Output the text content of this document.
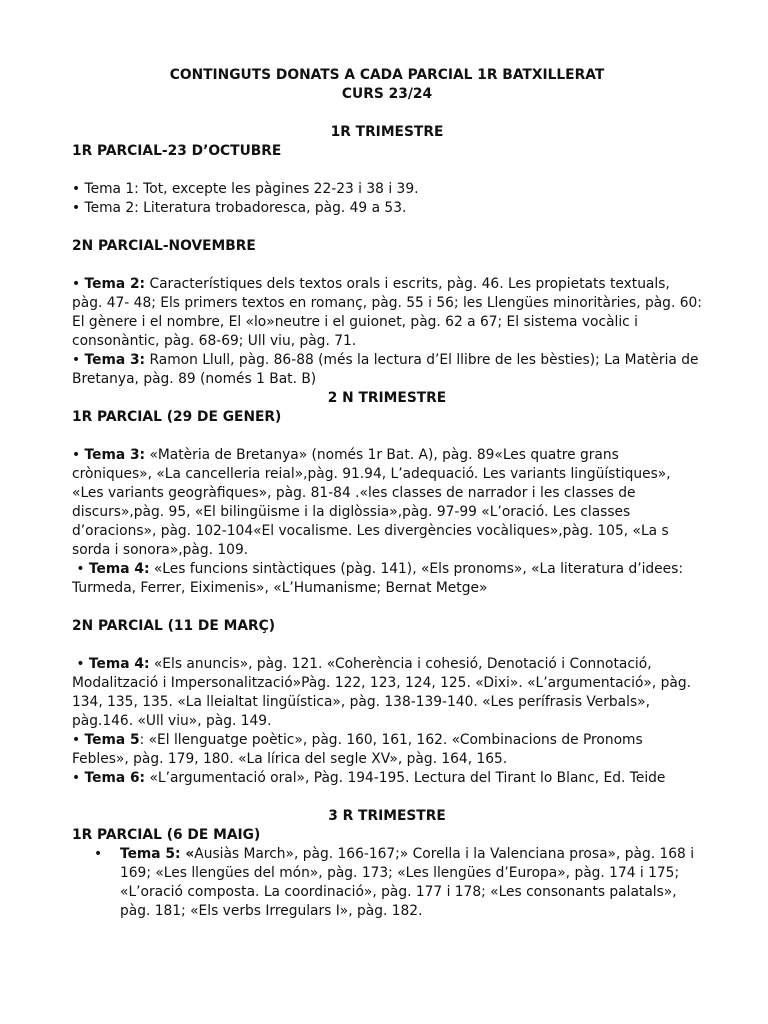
CONTINGUTS DONATS A CADA PARCIAL 1R BATXILLERAT

CURS 23/24

1R TRIMESTRE

1R PARCIAL-23 D’OCTUBRE

• Tema 1: Tot, excepte les pàgines 22-23 i 38 i 39.

• Tema 2: Literatura trobadoresca, pàg. 49 a 53.

2N PARCIAL-NOVEMBRE

• Tema 2: Característiques dels textos orals i escrits, pàg. 46. Les propietats textuals, pàg. 47- 48; Els primers textos en romanç, pàg. 55 i 56; les Llengües minoritàries, pàg. 60: El gènere i el nombre, El «lo»neutre i el guionet, pàg. 62 a 67; El sistema vocàlic i consonàntic, pàg. 68-69; Ull viu, pàg. 71.

• Tema 3: Ramon Llull, pàg. 86-88 (més la lectura d’El llibre de les bèsties); La Matèria de Bretanya, pàg. 89 (només 1 Bat. B)

2 N TRIMESTRE

1R PARCIAL (29 DE GENER)

• Tema 3: «Matèria de Bretanya» (només 1r Bat. A), pàg. 89«Les quatre grans cròniques», «La cancelleria reial»,pàg. 91.94, L’adequació. Les variants lingüístiques», «Les variants geogràfiques», pàg. 81-84 .«les classes de narrador i les classes de discurs»,pàg. 95, «El bilingüisme i la diglòssia»,pàg. 97-99 «L’oració. Les classes d’oracions», pàg. 102-104«El vocalisme. Les divergències vocàliques»,pàg. 105, «La s sorda i sonora»,pàg. 109.

• Tema 4: «Les funcions sintàctiques (pàg. 141), «Els pronoms», «La literatura d’idees: Turmeda, Ferrer, Eiximenis», «L’Humanisme; Bernat Metge»

2N PARCIAL (11 DE MARÇ)

• Tema 4: «Els anuncis», pàg. 121. «Coherència i cohesió, Denotació i Connotació, Modalització i Impersonalització»Pàg. 122, 123, 124, 125. «Dixi». «L’argumentació», pàg. 134, 135, 135. «La lleialtat lingüística», pàg. 138-139-140. «Les perífrasis Verbals», pàg.146. «Ull viu», pàg. 149.

• Tema 5: «El llenguatge poètic», pàg. 160, 161, 162. «Combinacions de Pronoms Febles», pàg. 179, 180. «La lírica del segle XV», pàg. 164, 165.

• Tema 6: «L’argumentació oral», Pàg. 194-195. Lectura del Tirant lo Blanc, Ed. Teide

3 R TRIMESTRE

1R PARCIAL (6 DE MAIG)

• Tema 5: «Ausiàs March», pàg. 166-167;» Corella i la Valenciana prosa», pàg. 168 i 169; «Les llengües del món», pàg. 173; «Les llengües d’Europa», pàg. 174 i 175; «L’oració composta. La coordinació», pàg. 177 i 178; «Les consonants palatals», pàg. 181; «Els verbs Irregulars I», pàg. 182.
